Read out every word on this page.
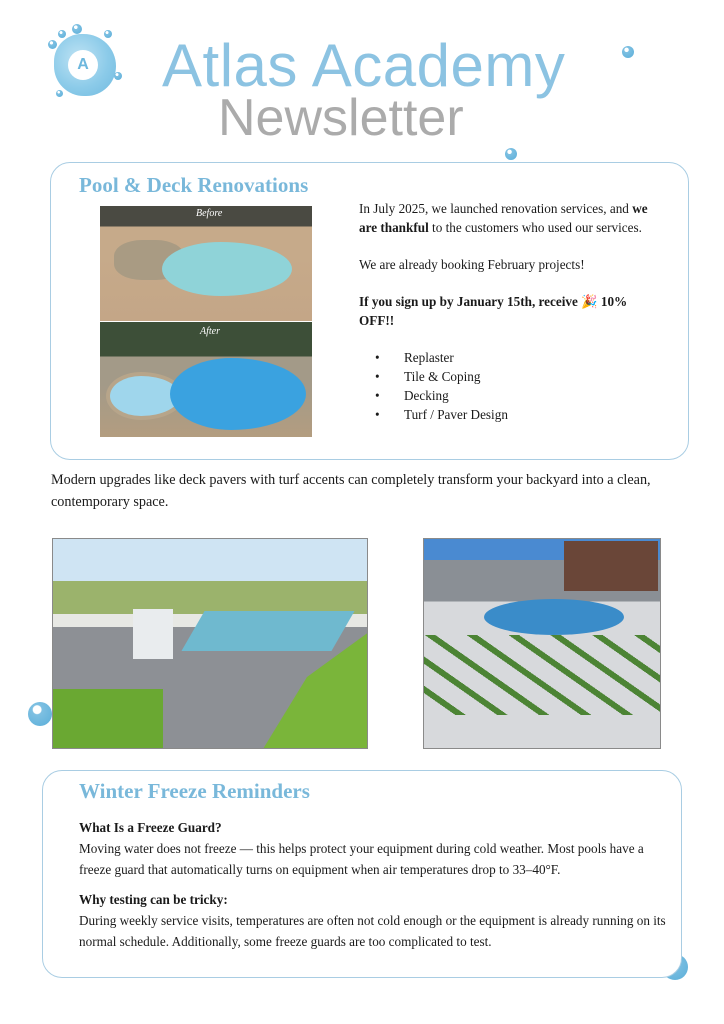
A Atlas Academy
Newsletter
Pool & Deck Renovations
Before
After

In July 2025, we launched renovation services, and we are thankful to the customers who used our services.

We are already booking February projects!

If you sign up by January 15th, receive 🎉 10% OFF!!

• Replaster
• Tile & Coping
• Decking
• Turf / Paver Design
Modern upgrades like deck pavers with turf accents can completely transform your backyard into a clean, contemporary space.
Winter Freeze Reminders
What Is a Freeze Guard?

Moving water does not freeze — this helps protect your equipment during cold weather. Most pools have a freeze guard that automatically turns on equipment when air temperatures drop to 33–40°F.

Why testing can be tricky:

During weekly service visits, temperatures are often not cold enough or the equipment is already running on its normal schedule. Additionally, some freeze guards are too complicated to test.
